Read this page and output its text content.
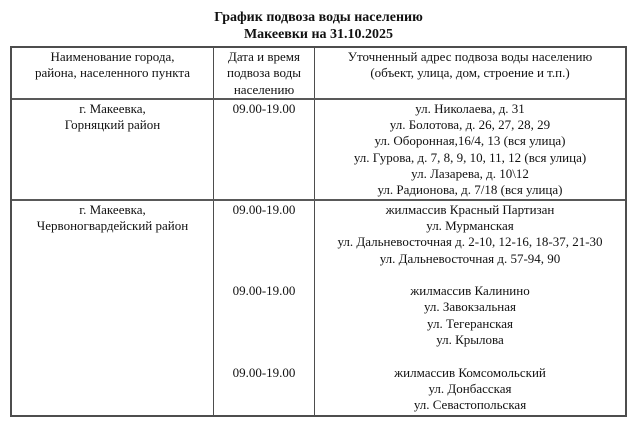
График подвоза воды населению
Макеевки на 31.10.2025
Наименование города,
района, населенного пункта
Дата и время
подвоза воды
населению
Уточненный адрес подвоза воды населению
(объект, улица, дом, строение и т.п.)
г. Макеевка,
Горняцкий район
09.00-19.00	ул. Николаева, д. 31
ул. Болотова, д. 26, 27, 28, 29
ул. Оборонная,16/4, 13 (вся улица)
ул. Гурова, д. 7, 8, 9, 10, 11, 12 (вся улица)
ул. Лазарева, д. 10\12
ул. Радионова, д. 7/18 (вся улица)
г. Макеевка,
Червоногвардейский район
09.00-19.00
09.00-19.00
09.00-19.00
жилмассив Красный Партизан
ул. Мурманская
ул. Дальневосточная д. 2-10, 12-16, 18-37, 21-30
ул. Дальневосточная д. 57-94, 90
жилмассив Калинино
ул. Завокзальная
ул. Тегеранская
ул. Крылова
жилмассив Комсомольский
ул. Донбасская
ул. Севастопольская
